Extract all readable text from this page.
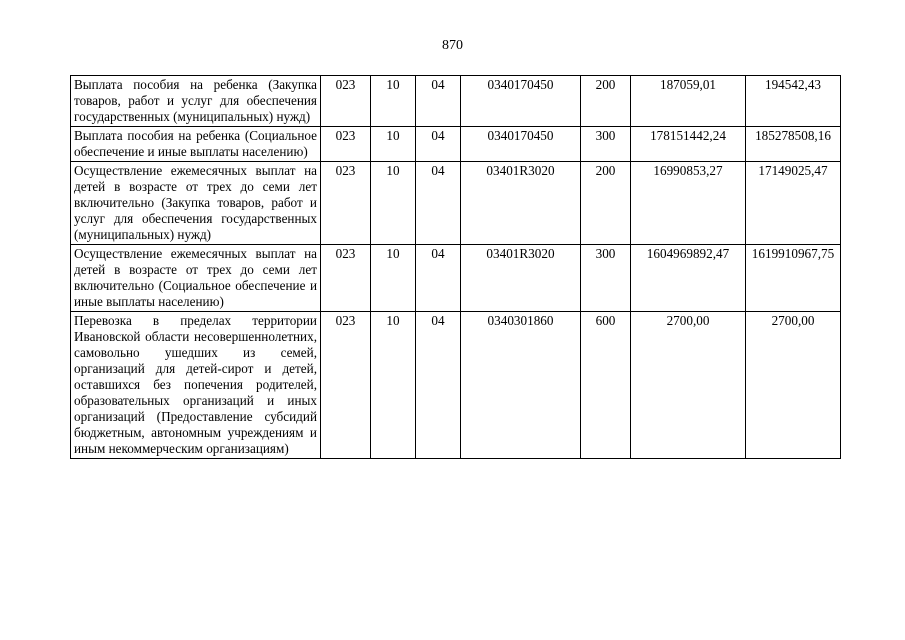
870
Выплата пособия на ребенка (Закупка товаров, работ и услуг для обеспечения государственных (муниципальных) нужд)	023	10	04	0340170450	200	187059,01	194542,43
Выплата пособия на ребенка (Социальное обеспечение и иные выплаты населению)	023	10	04	0340170450	300	178151442,24	185278508,16
Осуществление ежемесячных выплат на детей в возрасте от трех до семи лет включительно (Закупка товаров, работ и услуг для обеспечения государственных (муниципальных) нужд)	023	10	04	03401R3020	200	16990853,27	17149025,47
Осуществление ежемесячных выплат на детей в возрасте от трех до семи лет включительно (Социальное обеспечение и иные выплаты населению)	023	10	04	03401R3020	300	1604969892,47	1619910967,75
Перевозка в пределах территории Ивановской области несовершеннолетних, самовольно ушедших из семей, организаций для детей-сирот и детей, оставшихся без попечения родителей, образовательных организаций и иных организаций (Предоставление субсидий бюджетным, автономным учреждениям и иным некоммерческим организациям)	023	10	04	0340301860	600	2700,00	2700,00
